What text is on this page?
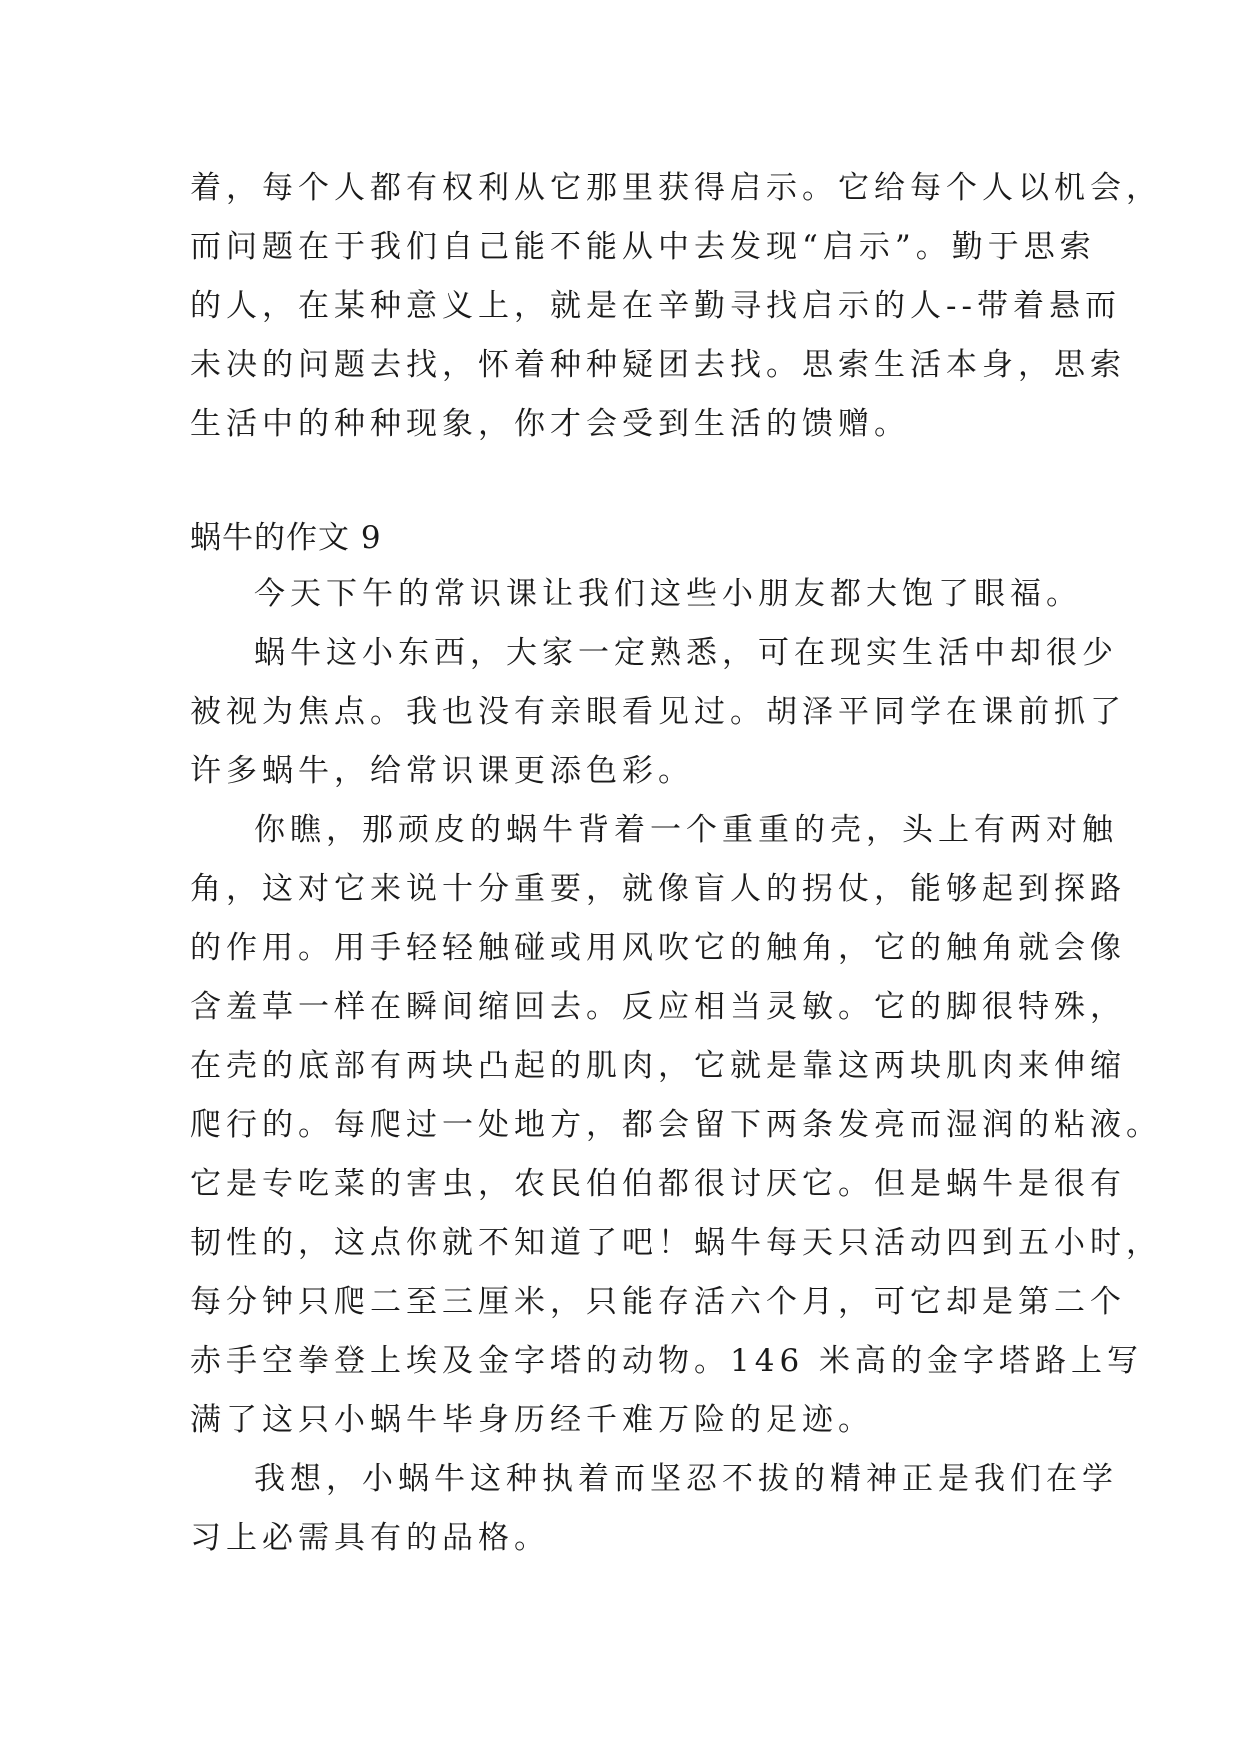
着，每个人都有权利从它那里获得启示。它给每个人以机会，
而问题在于我们自己能不能从中去发现“启示”。勤于思索
的人，在某种意义上，就是在辛勤寻找启示的人--带着悬而
未决的问题去找，怀着种种疑团去找。思索生活本身，思索
生活中的种种现象，你才会受到生活的馈赠。
蜗牛的作文 9
今天下午的常识课让我们这些小朋友都大饱了眼福。
蜗牛这小东西，大家一定熟悉，可在现实生活中却很少
被视为焦点。我也没有亲眼看见过。胡泽平同学在课前抓了
许多蜗牛，给常识课更添色彩。
你瞧，那顽皮的蜗牛背着一个重重的壳，头上有两对触
角，这对它来说十分重要，就像盲人的拐仗，能够起到探路
的作用。用手轻轻触碰或用风吹它的触角，它的触角就会像
含羞草一样在瞬间缩回去。反应相当灵敏。它的脚很特殊，
在壳的底部有两块凸起的肌肉，它就是靠这两块肌肉来伸缩
爬行的。每爬过一处地方，都会留下两条发亮而湿润的粘液。
它是专吃菜的害虫，农民伯伯都很讨厌它。但是蜗牛是很有
韧性的，这点你就不知道了吧！蜗牛每天只活动四到五小时，
每分钟只爬二至三厘米，只能存活六个月，可它却是第二个
赤手空拳登上埃及金字塔的动物。146 米高的金字塔路上写
满了这只小蜗牛毕身历经千难万险的足迹。
我想，小蜗牛这种执着而坚忍不拔的精神正是我们在学
习上必需具有的品格。
